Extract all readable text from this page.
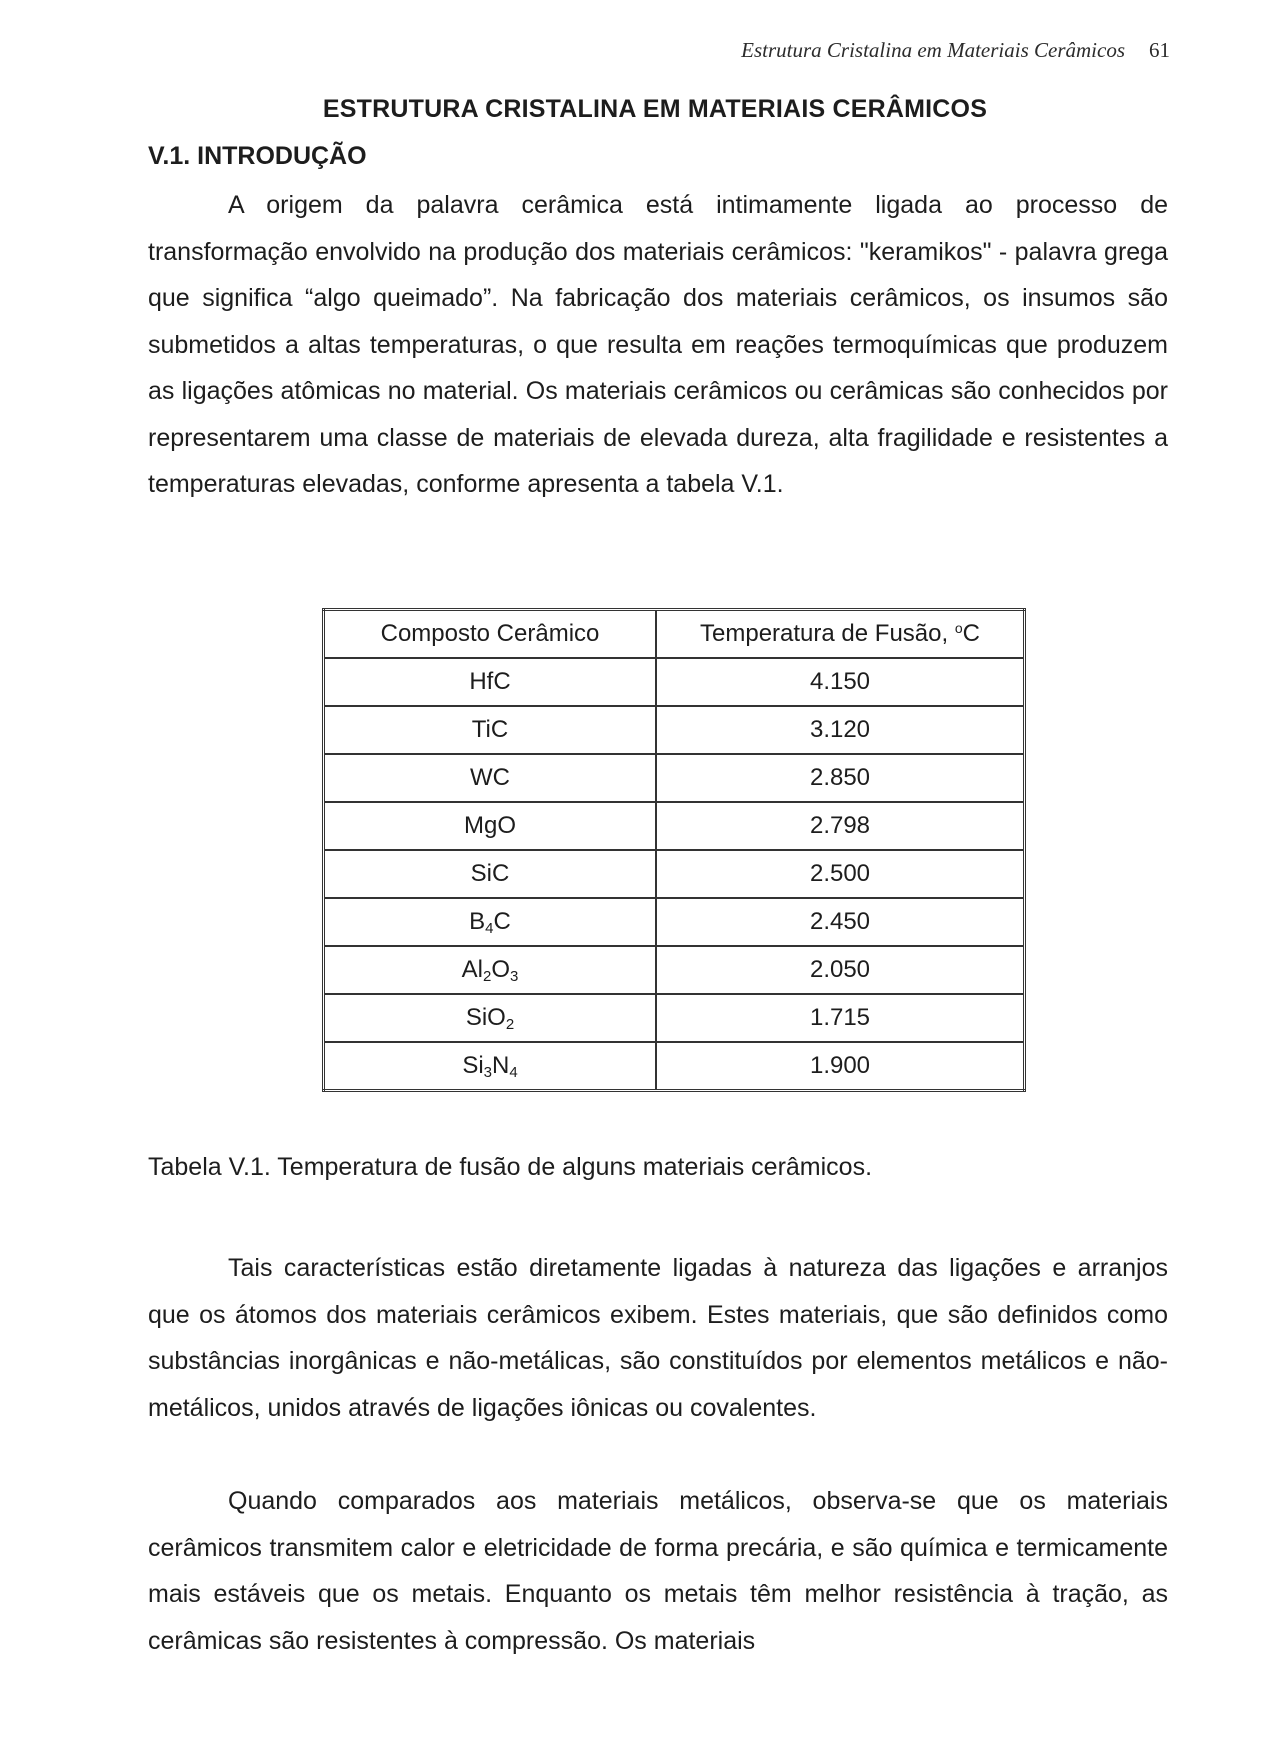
Estrutura Cristalina em Materiais Cerâmicos 61
ESTRUTURA CRISTALINA EM MATERIAIS CERÂMICOS
V.1. INTRODUÇÃO

A origem da palavra cerâmica está intimamente ligada ao processo de transformação envolvido na produção dos materiais cerâmicos: "keramikos" - palavra grega que significa “algo queimado”. Na fabricação dos materiais cerâmicos, os insumos são submetidos a altas temperaturas, o que resulta em reações termoquímicas que produzem as ligações atômicas no material. Os materiais cerâmicos ou cerâmicas são conhecidos por representarem uma classe de materiais de elevada dureza, alta fragilidade e resistentes a temperaturas elevadas, conforme apresenta a tabela V.1.

Composto Cerâmico	Temperatura de Fusão, $^o$C
HfC	4.150
TiC	3.120
WC	2.850
MgO	2.798
SiC	2.500
$B_4C$	2.450
$Al_2O_3$	2.050
SiO$_2$	1.715
$Si_3N_4$	1.900
Tabela V.1. Temperatura de fusão de alguns materiais cerâmicos.

Tais características estão diretamente ligadas à natureza das ligações e arranjos que os átomos dos materiais cerâmicos exibem. Estes materiais, que são definidos como substâncias inorgânicas e não-metálicas, são constituídos por elementos metálicos e não-metálicos, unidos através de ligações iônicas ou covalentes.

Quando comparados aos materiais metálicos, observa-se que os materiais cerâmicos transmitem calor e eletricidade de forma precária, e são química e termicamente mais estáveis que os metais. Enquanto os metais têm melhor resistência à tração, as cerâmicas são resistentes à compressão. Os materiais
